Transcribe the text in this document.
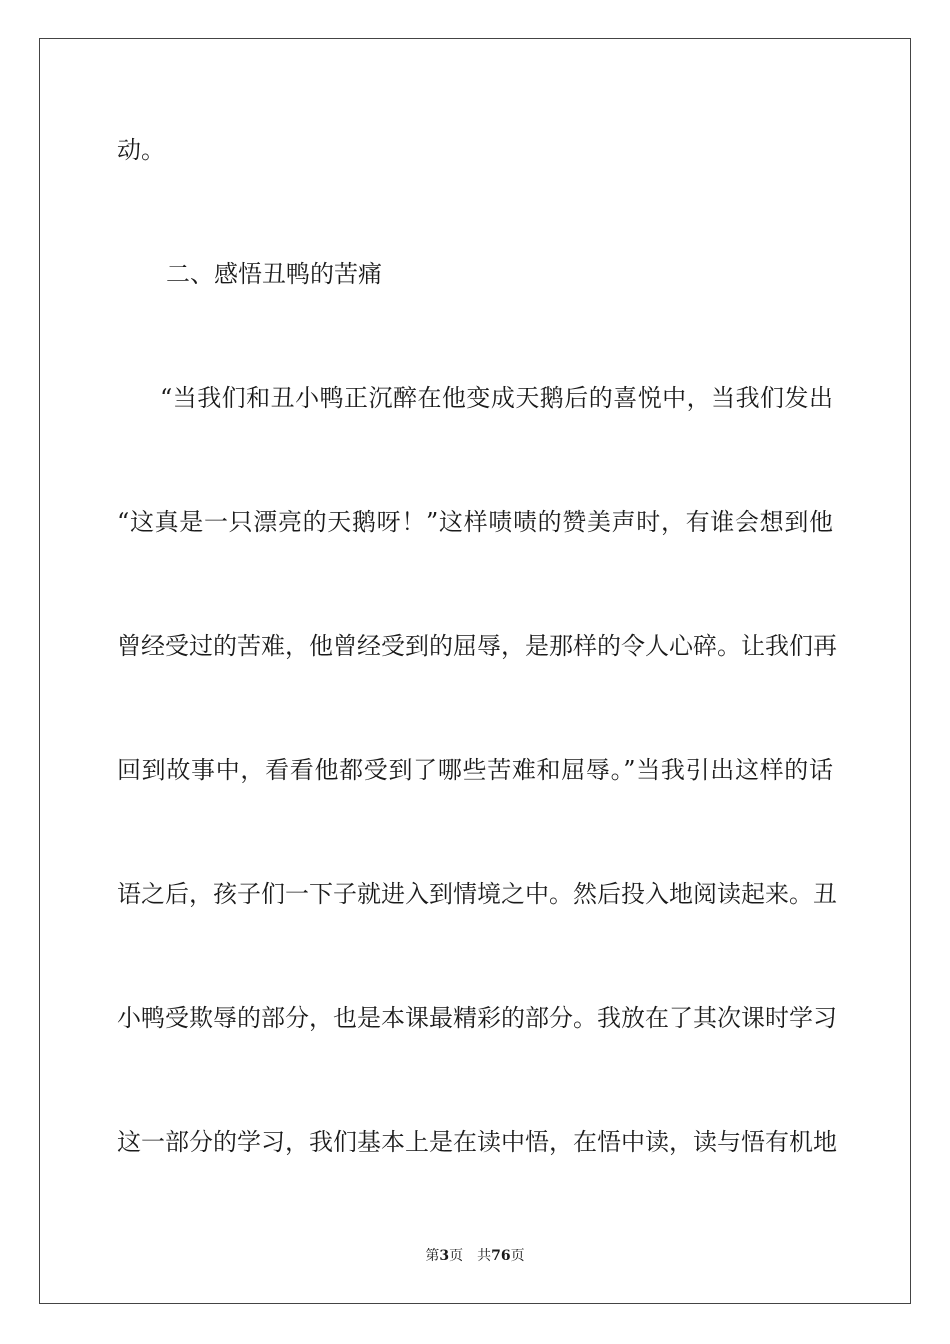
动。
二、感悟丑鸭的苦痛
“当我们和丑小鸭正沉醉在他变成天鹅后的喜悦中，当我们发出
“这真是一只漂亮的天鹅呀！”这样啧啧的赞美声时，有谁会想到他
曾经受过的苦难，他曾经受到的屈辱，是那样的令人心碎。让我们再
回到故事中，看看他都受到了哪些苦难和屈辱。”当我引出这样的话
语之后，孩子们一下子就进入到情境之中。然后投入地阅读起来。丑
小鸭受欺辱的部分，也是本课最精彩的部分。我放在了其次课时学习
这一部分的学习，我们基本上是在读中悟，在悟中读，读与悟有机地
第3页 共76页
